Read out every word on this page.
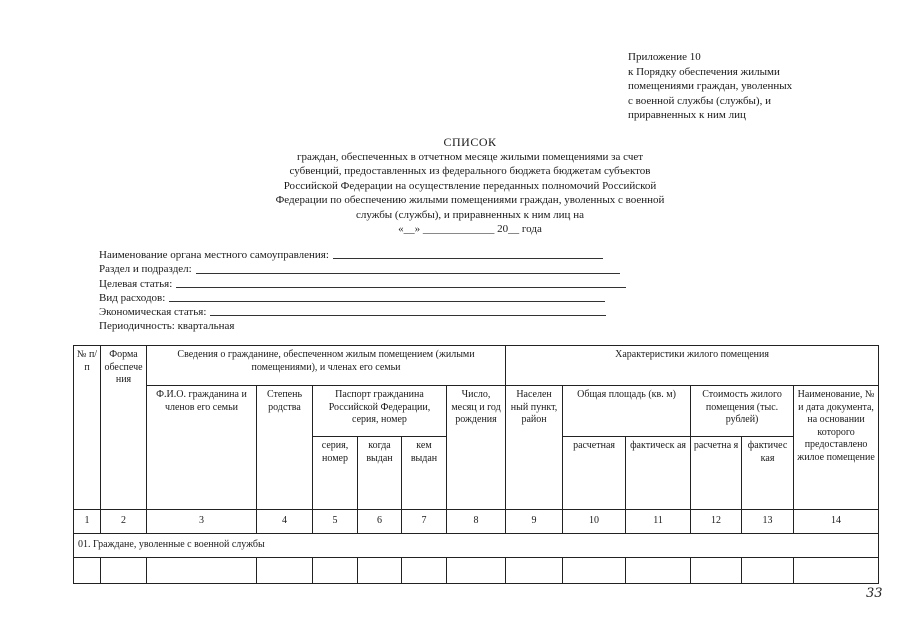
Приложение 10
к Порядку обеспечения жилыми
помещениями граждан, уволенных
с военной службы (службы), и
приравненных к ним лиц
СПИСОК
граждан, обеспеченных в отчетном месяце жилыми помещениями за счет
субвенций, предоставленных из федерального бюджета бюджетам субъектов
Российской Федерации на осуществление переданных полномочий Российской
Федерации по обеспечению жилыми помещениями граждан, уволенных с военной
службы (службы), и приравненных к ним лиц на
«__» _____________ 20__ года
Наименование органа местного самоуправления:
Раздел и подраздел:
Целевая статья:
Вид расходов:
Экономическая статья:
Периодичность: квартальная
№ п/п	Форма обеспече ния	Сведения о гражданине, обеспеченном жилым помещением (жилыми помещениями), и членах его семьи						Характеристики жилого помещения					
		Ф.И.О. гражданина и членов его семьи	Степень родства	Паспорт гражданина Российской Федерации, серия, номер			Число, месяц и год рождения	Населен ный пункт, район	Общая площадь (кв. м)		Стоимость жилого помещения (тыс. рублей)		Наименование, № и дата документа, на основании которого предоставлено жилое помещение
				серия, номер	когда выдан	кем выдан			расчетная	фактическ ая	расчетна я	фактичес кая	
1	2	3	4	5	6	7	8	9	10	11	12	13	14
01. Граждане, уволенные с военной службы													

33
